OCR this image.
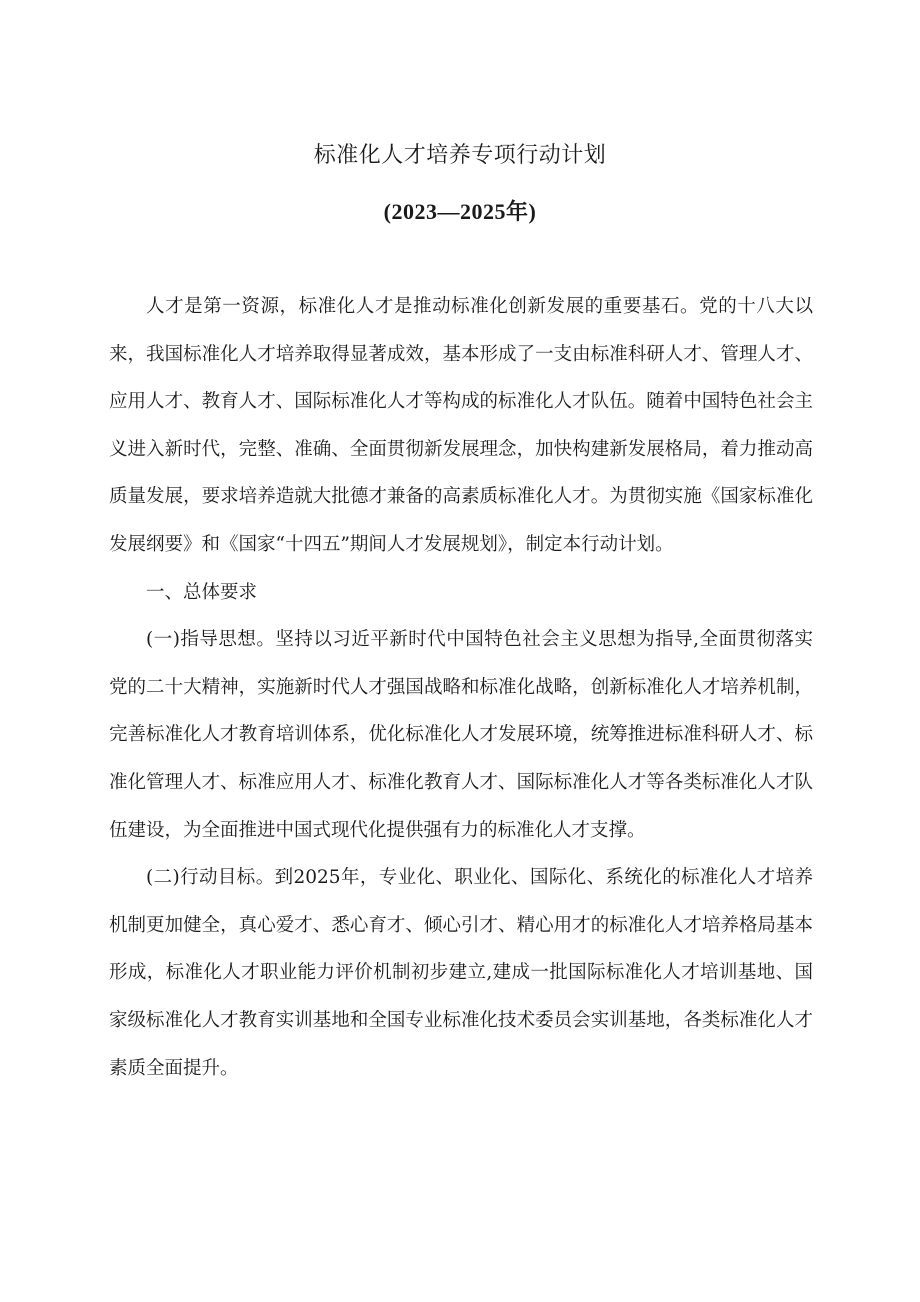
标准化人才培养专项行动计划
(2023—2025年)

人才是第一资源，标准化人才是推动标准化创新发展的重要基石。党的十八大以来，我国标准化人才培养取得显著成效，基本形成了一支由标准科研人才、管理人才、应用人才、教育人才、国际标准化人才等构成的标准化人才队伍。随着中国特色社会主义进入新时代，完整、准确、全面贯彻新发展理念，加快构建新发展格局，着力推动高质量发展，要求培养造就大批德才兼备的高素质标准化人才。为贯彻实施《国家标准化发展纲要》和《国家“十四五”期间人才发展规划》，制定本行动计划。

一、总体要求

(一)指导思想。坚持以习近平新时代中国特色社会主义思想为指导,全面贯彻落实党的二十大精神，实施新时代人才强国战略和标准化战略，创新标准化人才培养机制，完善标准化人才教育培训体系，优化标准化人才发展环境，统筹推进标准科研人才、标准化管理人才、标准应用人才、标准化教育人才、国际标准化人才等各类标准化人才队伍建设，为全面推进中国式现代化提供强有力的标准化人才支撑。

(二)行动目标。到2025年，专业化、职业化、国际化、系统化的标准化人才培养机制更加健全，真心爱才、悉心育才、倾心引才、精心用才的标准化人才培养格局基本形成，标准化人才职业能力评价机制初步建立,建成一批国际标准化人才培训基地、国家级标准化人才教育实训基地和全国专业标准化技术委员会实训基地，各类标准化人才素质全面提升。
